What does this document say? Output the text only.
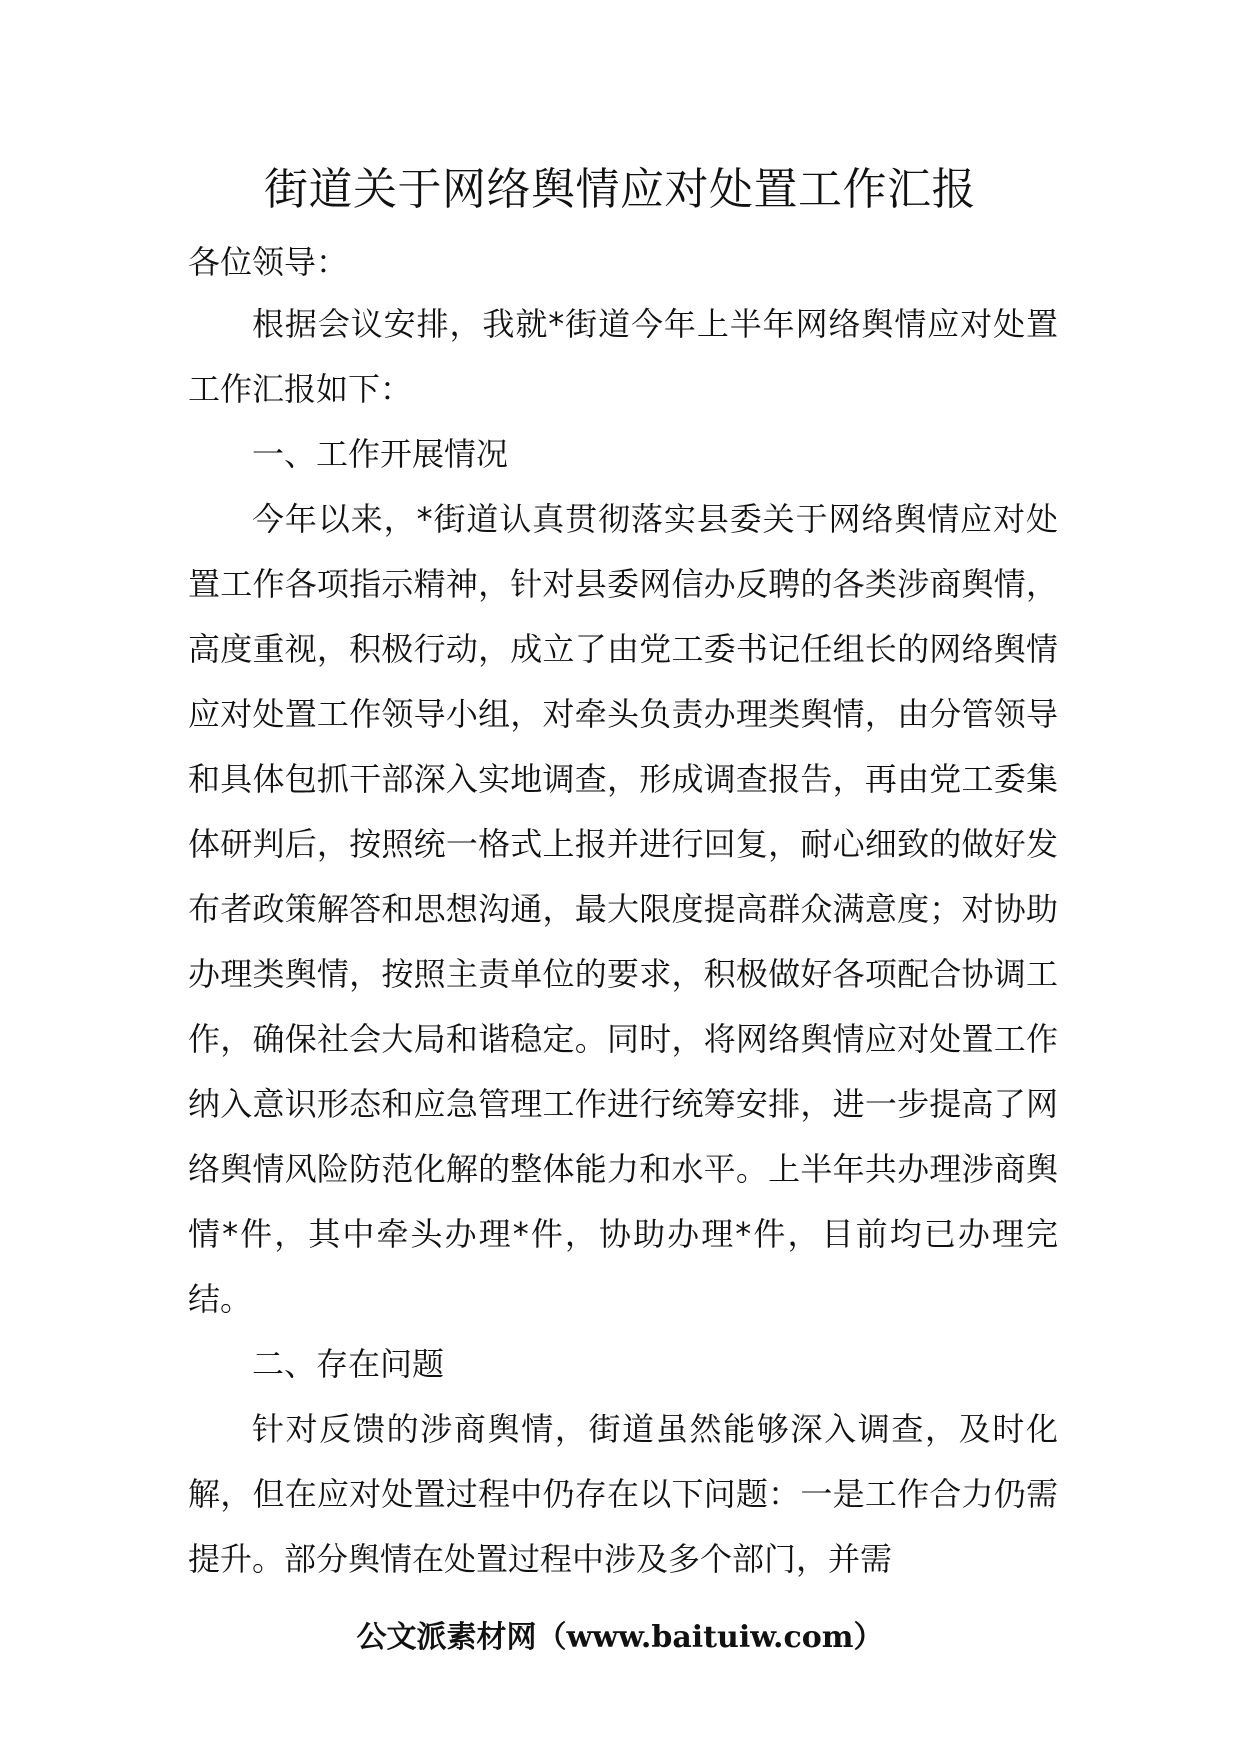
街道关于网络舆情应对处置工作汇报

各位领导：

根据会议安排，我就*街道今年上半年网络舆情应对处置工作汇报如下：

一、工作开展情况

今年以来，*街道认真贯彻落实县委关于网络舆情应对处置工作各项指示精神，针对县委网信办反聘的各类涉商舆情，高度重视，积极行动，成立了由党工委书记任组长的网络舆情应对处置工作领导小组，对牵头负责办理类舆情，由分管领导和具体包抓干部深入实地调查，形成调查报告，再由党工委集体研判后，按照统一格式上报并进行回复，耐心细致的做好发布者政策解答和思想沟通，最大限度提高群众满意度；对协助办理类舆情，按照主责单位的要求，积极做好各项配合协调工作，确保社会大局和谐稳定。同时，将网络舆情应对处置工作纳入意识形态和应急管理工作进行统筹安排，进一步提高了网络舆情风险防范化解的整体能力和水平。上半年共办理涉商舆情*件，其中牵头办理*件，协助办理*件，目前均已办理完结。

二、存在问题

针对反馈的涉商舆情，街道虽然能够深入调查，及时化解，但在应对处置过程中仍存在以下问题：一是工作合力仍需提升。部分舆情在处置过程中涉及多个部门，并需

公文派素材网（www.baituiw.com）
